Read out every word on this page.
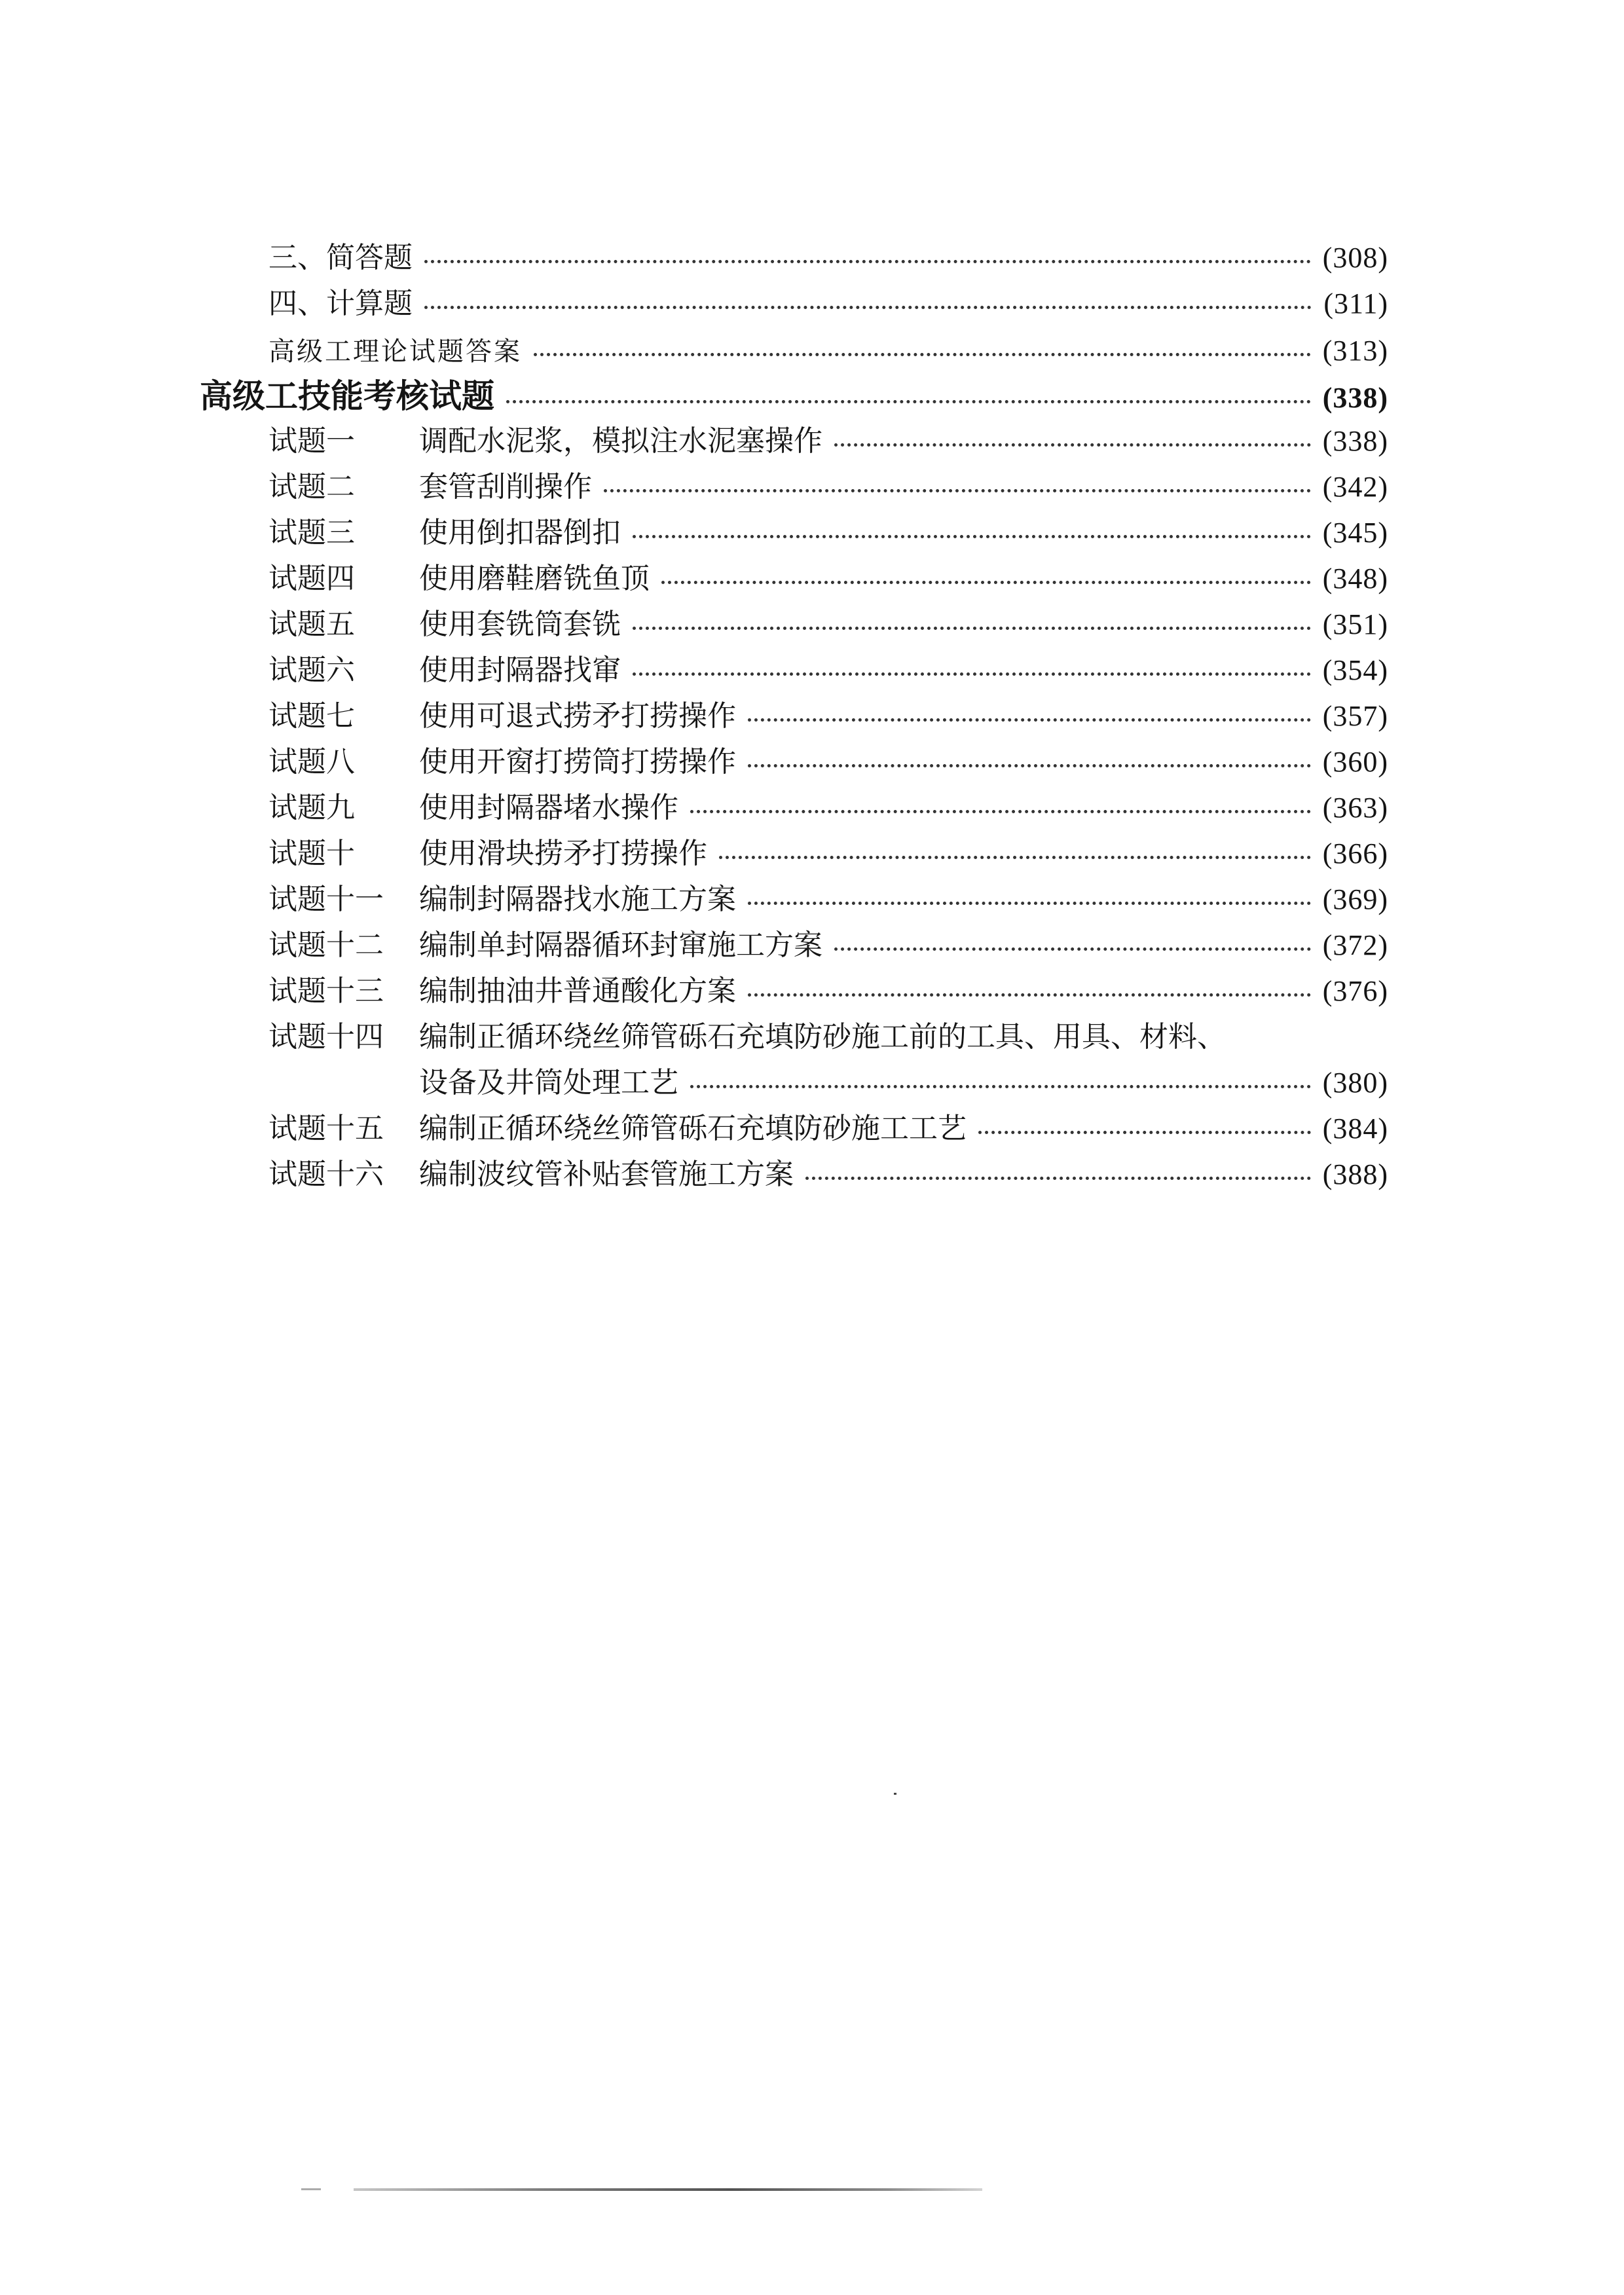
三、简答题	(308)
四、计算题	(311)
高级工理论试题答案	(313)
高级工技能考核试题	(338)
试题一	调配水泥浆，模拟注水泥塞操作	(338)
试题二	套管刮削操作	(342)
试题三	使用倒扣器倒扣	(345)
试题四	使用磨鞋磨铣鱼顶	(348)
试题五	使用套铣筒套铣	(351)
试题六	使用封隔器找窜	(354)
试题七	使用可退式捞矛打捞操作	(357)
试题八	使用开窗打捞筒打捞操作	(360)
试题九	使用封隔器堵水操作	(363)
试题十	使用滑块捞矛打捞操作	(366)
试题十一	编制封隔器找水施工方案	(369)
试题十二	编制单封隔器循环封窜施工方案	(372)
试题十三	编制抽油井普通酸化方案	(376)
试题十四 编制正循环绕丝筛管砾石充填防砂施工前的工具、用具、材料、
设备及井筒处理工艺	(380)
试题十五	编制正循环绕丝筛管砾石充填防砂施工工艺	(384)
试题十六	编制波纹管补贴套管施工方案	(388)
